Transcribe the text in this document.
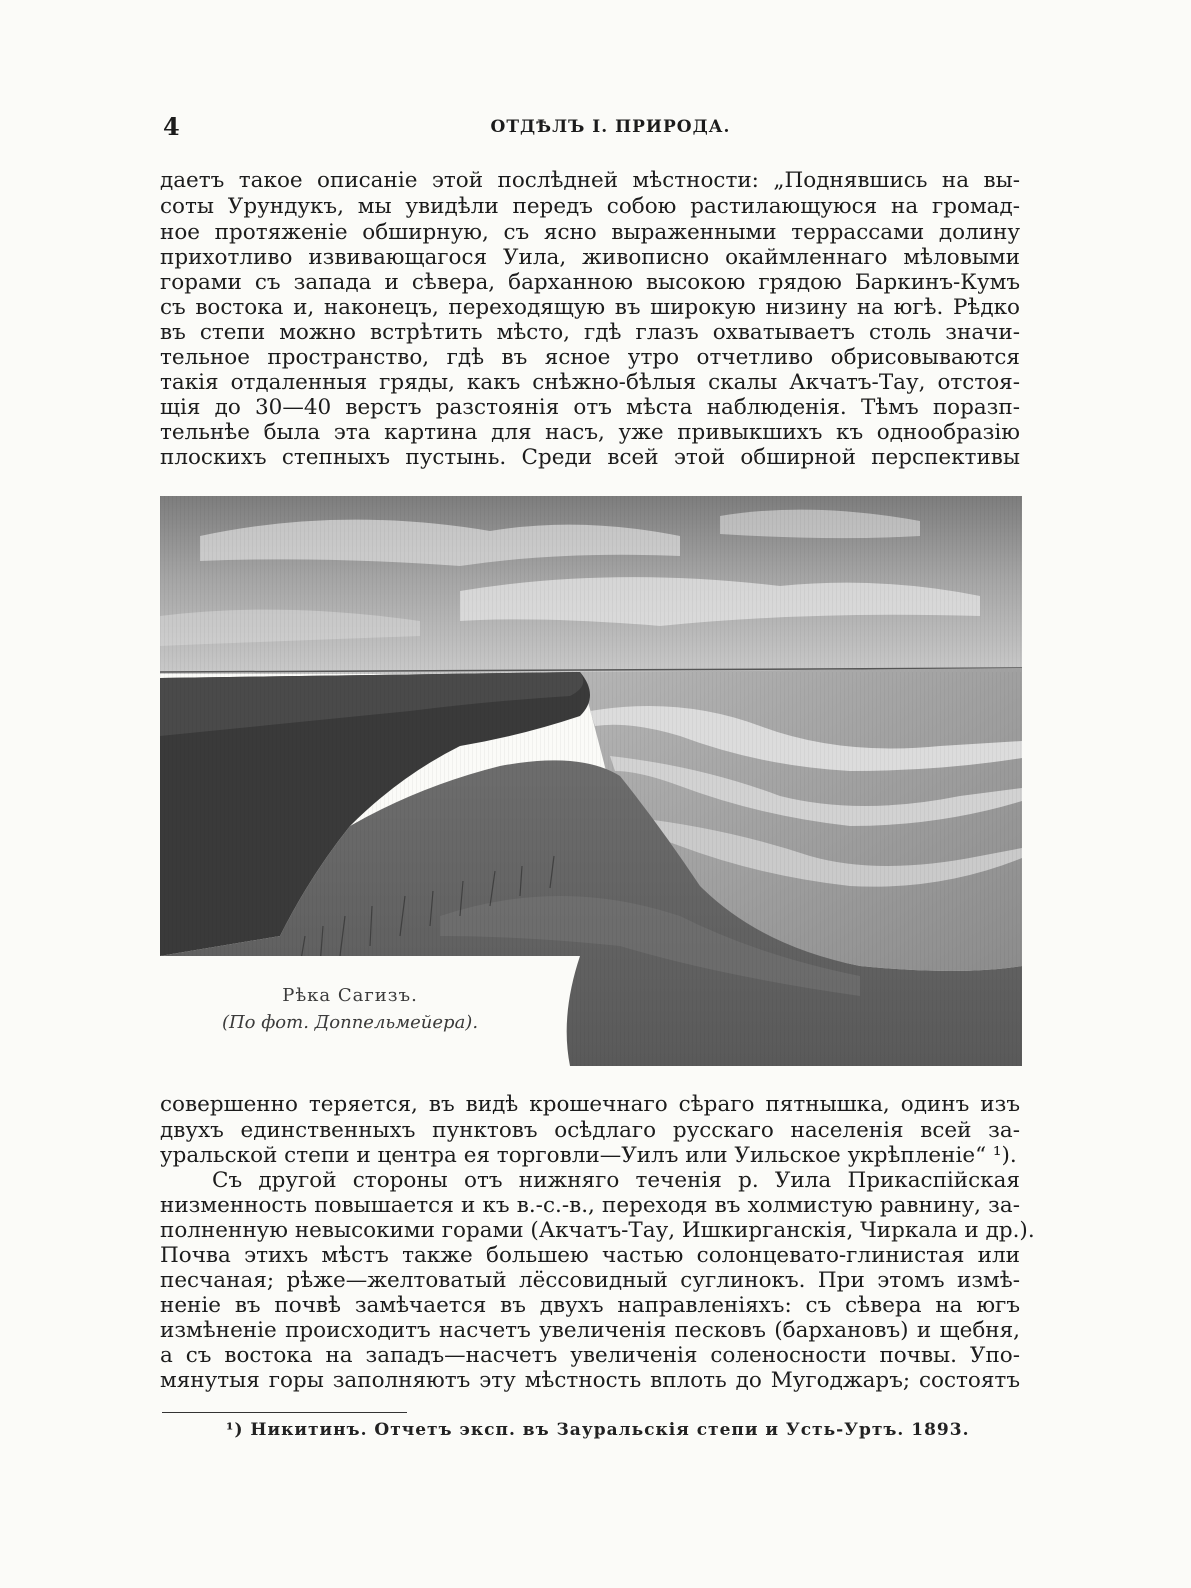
4	ОТДѢЛЪ I. ПРИРОДА.
даетъ такое описаніе этой послѣдней мѣстности: „Поднявшись на вы-
соты Урундукъ, мы увидѣли передъ собою растилающуюся на громад-
ное протяженіе обширную, съ ясно выраженными террассами долину
прихотливо извивающагося Уила, живописно окаймленнаго мѣловыми
горами съ запада и сѣвера, барханною высокою грядою Баркинъ-Кумъ
съ востока и, наконецъ, переходящую въ широкую низину на югѣ. Рѣдко
въ степи можно встрѣтить мѣсто, гдѣ глазъ охватываетъ столь значи-
тельное пространство, гдѣ въ ясное утро отчетливо обрисовываются
такія отдаленныя гряды, какъ снѣжно-бѣлыя скалы Акчатъ-Тау, отстоя-
щія до 30—40 верстъ разстоянія отъ мѣста наблюденія. Тѣмъ поразп-
тельнѣе была эта картина для насъ, уже привыкшихъ къ однообразію
плоскихъ степныхъ пустынь. Среди всей этой обширной перспективы
Рѣка Сагизъ.
(По фот. Доппельмейера).
совершенно теряется, въ видѣ крошечнаго сѣраго пятнышка, одинъ изъ
двухъ единственныхъ пунктовъ осѣдлаго русскаго населенія всей за-
уральской степи и центра ея торговли—Уилъ или Уильское укрѣпленіе“ ¹).
Съ другой стороны отъ нижняго теченія р. Уила Прикаспійская
низменность повышается и къ в.-с.-в., переходя въ холмистую равнину, за-
полненную невысокими горами (Акчатъ-Тау, Ишкирганскія, Чиркала и др.).
Почва этихъ мѣстъ также большею частью солонцевато-глинистая или
песчаная; рѣже—желтоватый лёссовидный суглинокъ. При этомъ измѣ-
неніе въ почвѣ замѣчается въ двухъ направленіяхъ: съ сѣвера на югъ
измѣненіе происходитъ насчетъ увеличенія песковъ (бархановъ) и щебня,
а съ востока на западъ—насчетъ увеличенія соленосности почвы. Упо-
мянутыя горы заполняютъ эту мѣстность вплоть до Мугоджаръ; состоятъ
¹) Никитинъ. Отчетъ эксп. въ Зауральскія степи и Усть-Уртъ. 1893.
